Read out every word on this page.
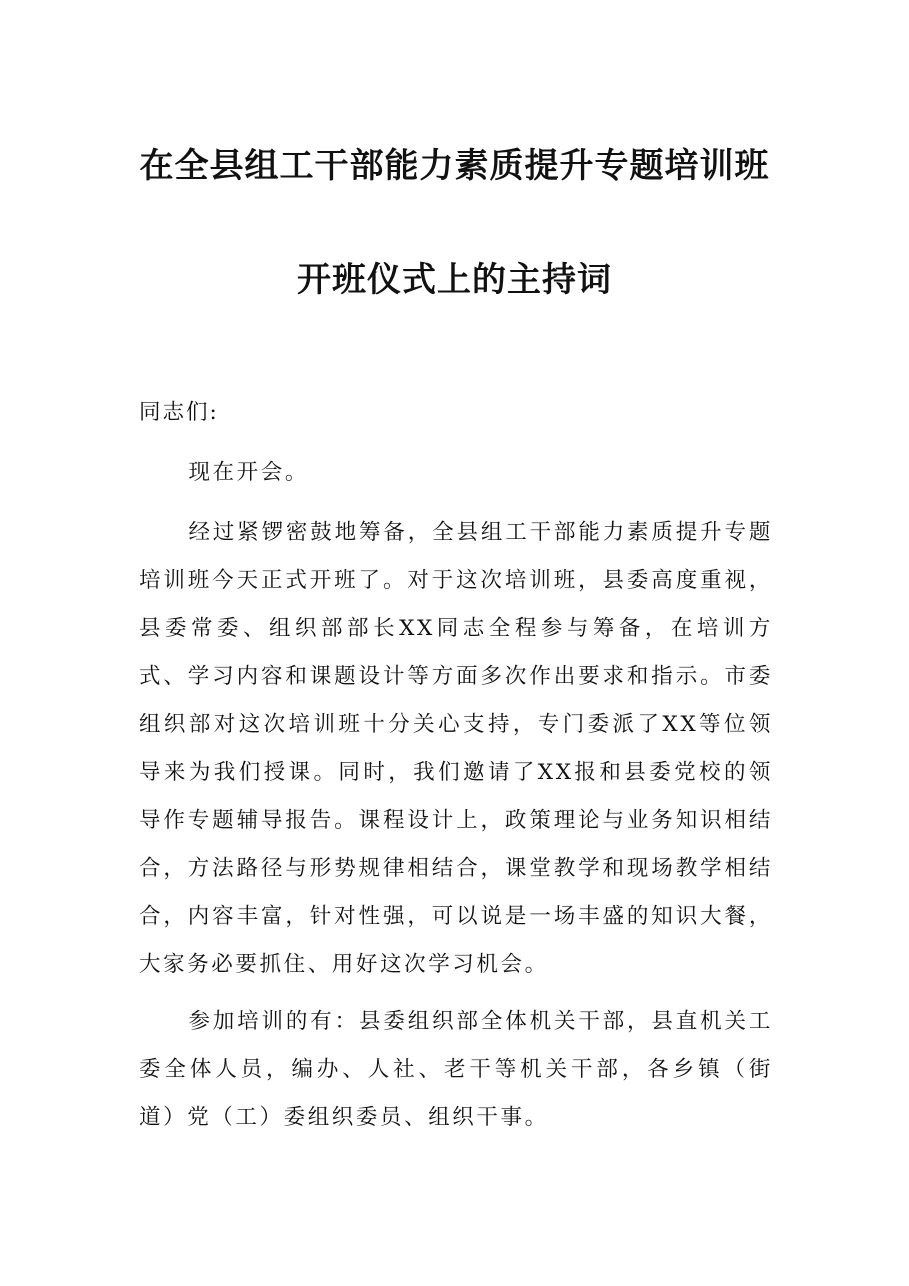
在全县组工干部能力素质提升专题培训班
开班仪式上的主持词
同志们:
现在开会。
经过紧锣密鼓地筹备，全县组工干部能力素质提升专题培训班今天正式开班了。对于这次培训班，县委高度重视，县委常委、组织部部长XX同志全程参与筹备，在培训方式、学习内容和课题设计等方面多次作出要求和指示。市委组织部对这次培训班十分关心支持，专门委派了XX等位领导来为我们授课。同时，我们邀请了XX报和县委党校的领导作专题辅导报告。课程设计上，政策理论与业务知识相结合，方法路径与形势规律相结合，课堂教学和现场教学相结合，内容丰富，针对性强，可以说是一场丰盛的知识大餐，大家务必要抓住、用好这次学习机会。
参加培训的有：县委组织部全体机关干部，县直机关工委全体人员，编办、人社、老干等机关干部，各乡镇（街道）党（工）委组织委员、组织干事。
